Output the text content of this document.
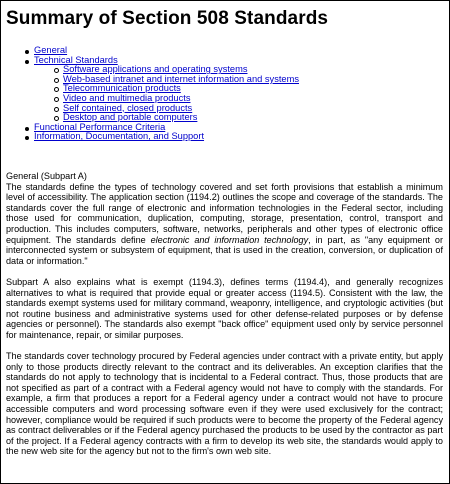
Summary of Section 508 Standards
General
Technical Standards
Software applications and operating systems
Web-based intranet and internet information and systems
Telecommunication products
Video and multimedia products
Self contained, closed products
Desktop and portable computers
Functional Performance Criteria
Information, Documentation, and Support
General (Subpart A)

The standards define the types of technology covered and set forth provisions that establish a minimum level of accessibility. The application section (1194.2) outlines the scope and coverage of the standards. The standards cover the full range of electronic and information technologies in the Federal sector, including those used for communication, duplication, computing, storage, presentation, control, transport and production. This includes computers, software, networks, peripherals and other types of electronic office equipment. The standards define electronic and information technology, in part, as "any equipment or interconnected system or subsystem of equipment, that is used in the creation, conversion, or duplication of data or information."

Subpart A also explains what is exempt (1194.3), defines terms (1194.4), and generally recognizes alternatives to what is required that provide equal or greater access (1194.5). Consistent with the law, the standards exempt systems used for military command, weaponry, intelligence, and cryptologic activities (but not routine business and administrative systems used for other defense-related purposes or by defense agencies or personnel). The standards also exempt "back office" equipment used only by service personnel for maintenance, repair, or similar purposes.

The standards cover technology procured by Federal agencies under contract with a private entity, but apply only to those products directly relevant to the contract and its deliverables. An exception clarifies that the standards do not apply to technology that is incidental to a Federal contract. Thus, those products that are not specified as part of a contract with a Federal agency would not have to comply with the standards. For example, a firm that produces a report for a Federal agency under a contract would not have to procure accessible computers and word processing software even if they were used exclusively for the contract; however, compliance would be required if such products were to become the property of the Federal agency as contract deliverables or if the Federal agency purchased the products to be used by the contractor as part of the project. If a Federal agency contracts with a firm to develop its web site, the standards would apply to the new web site for the agency but not to the firm's own web site.
